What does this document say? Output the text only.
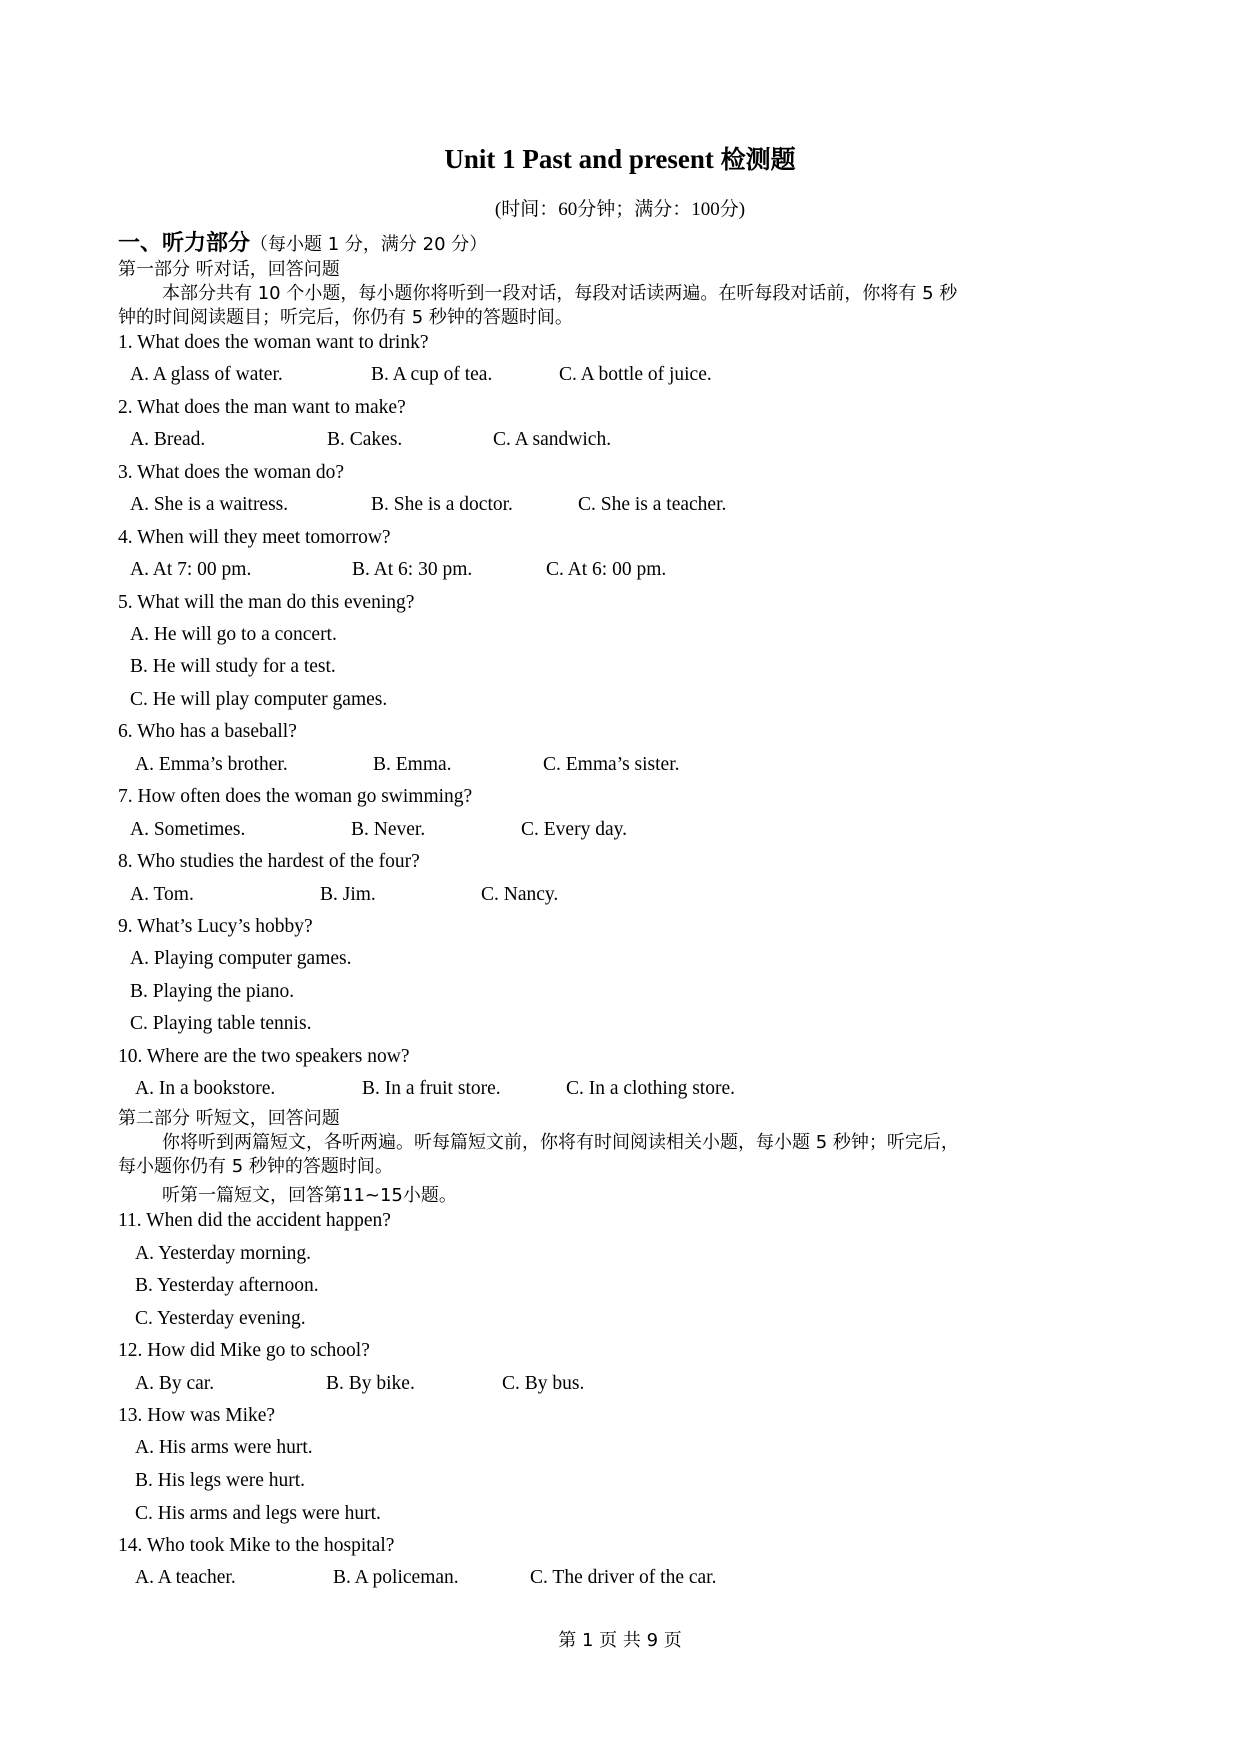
Unit 1 Past and present 检测题
(时间：60分钟；满分：100分)
一、听力部分（每小题 1 分，满分 20 分）
第一部分 听对话，回答问题
本部分共有 10 个小题，每小题你将听到一段对话，每段对话读两遍。在听每段对话前，你将有 5 秒
钟的时间阅读题目；听完后，你仍有 5 秒钟的答题时间。
1. What does the woman want to drink?
A. A glass of water.	B. A cup of tea.	C. A bottle of juice.
2. What does the man want to make?
A. Bread.	B. Cakes.	C. A sandwich.
3. What does the woman do?
A. She is a waitress.	B. She is a doctor.	C. She is a teacher.
4. When will they meet tomorrow?
A. At 7: 00 pm.	B. At 6: 30 pm.	C. At 6: 00 pm.
5. What will the man do this evening?
A. He will go to a concert.
B. He will study for a test.
C. He will play computer games.
6. Who has a baseball?
A. Emma’s brother.	B. Emma.	C. Emma’s sister.
7. How often does the woman go swimming?
A. Sometimes.	B. Never.	C. Every day.
8. Who studies the hardest of the four?
A. Tom.	B. Jim.	C. Nancy.
9. What’s Lucy’s hobby?
A. Playing computer games.
B. Playing the piano.
C. Playing table tennis.
10. Where are the two speakers now?
A. In a bookstore.	B. In a fruit store.	C. In a clothing store.
第二部分 听短文，回答问题
你将听到两篇短文，各听两遍。听每篇短文前，你将有时间阅读相关小题，每小题 5 秒钟；听完后，
每小题你仍有 5 秒钟的答题时间。
听第一篇短文，回答第11~15小题。
11. When did the accident happen?
A. Yesterday morning.
B. Yesterday afternoon.
C. Yesterday evening.
12. How did Mike go to school?
A. By car.	B. By bike.	C. By bus.
13. How was Mike?
A. His arms were hurt.
B. His legs were hurt.
C. His arms and legs were hurt.
14. Who took Mike to the hospital?
A. A teacher.	B. A policeman.	C. The driver of the car.
第 1 页 共 9 页
